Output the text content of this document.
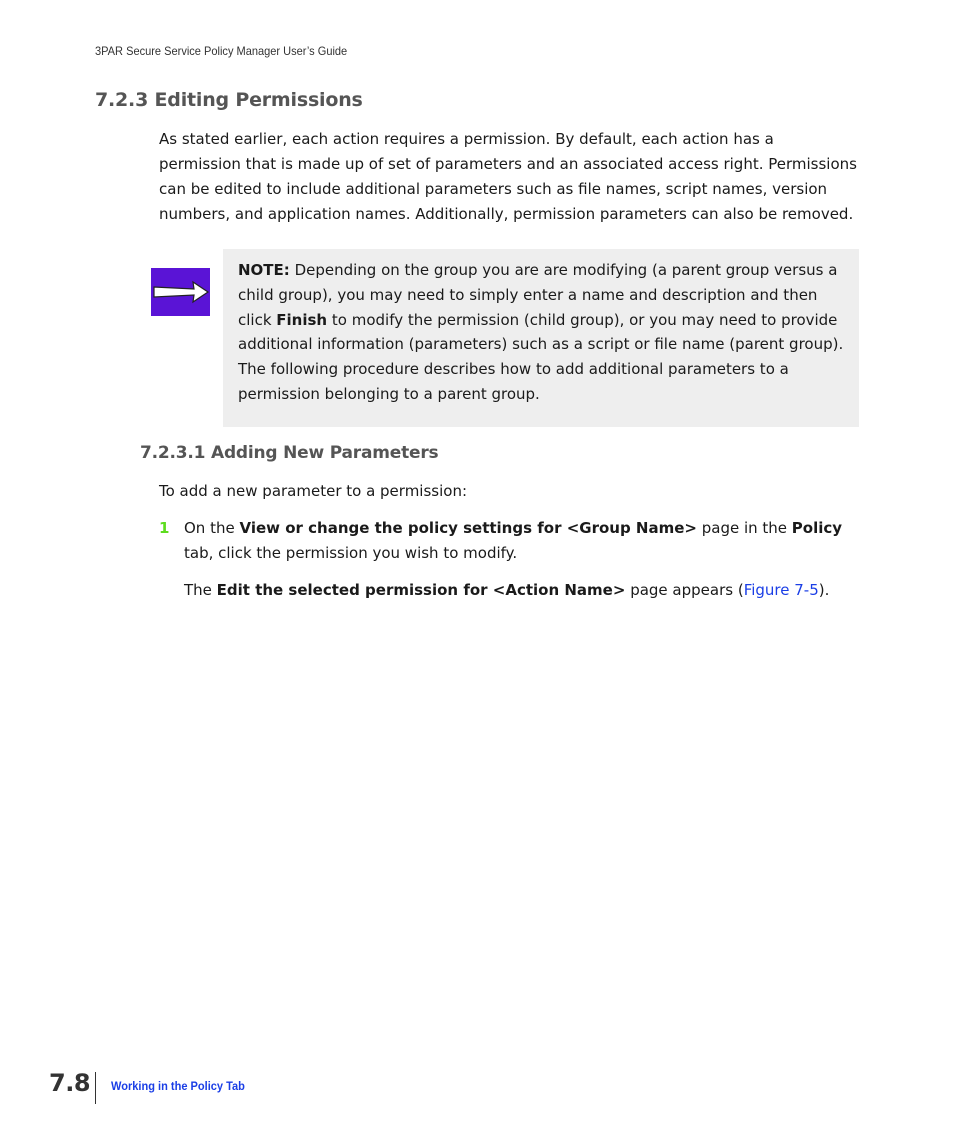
3PAR Secure Service Policy Manager User’s Guide
7.2.3 Editing Permissions

As stated earlier, each action requires a permission. By default, each action has a permission that is made up of set of parameters and an associated access right. Permissions can be edited to include additional parameters such as file names, script names, version numbers, and application names. Additionally, permission parameters can also be removed.

NOTE: Depending on the group you are are modifying (a parent group versus a child group), you may need to simply enter a name and description and then click Finish to modify the permission (child group), or you may need to provide additional information (parameters) such as a script or file name (parent group). The following procedure describes how to add additional parameters to a permission belonging to a parent group.

7.2.3.1 Adding New Parameters

To add a new parameter to a permission:

1 On the View or change the policy settings for <Group Name> page in the Policy tab, click the permission you wish to modify.

The Edit the selected permission for <Action Name> page appears (Figure 7-5).

7.8 Working in the Policy Tab
